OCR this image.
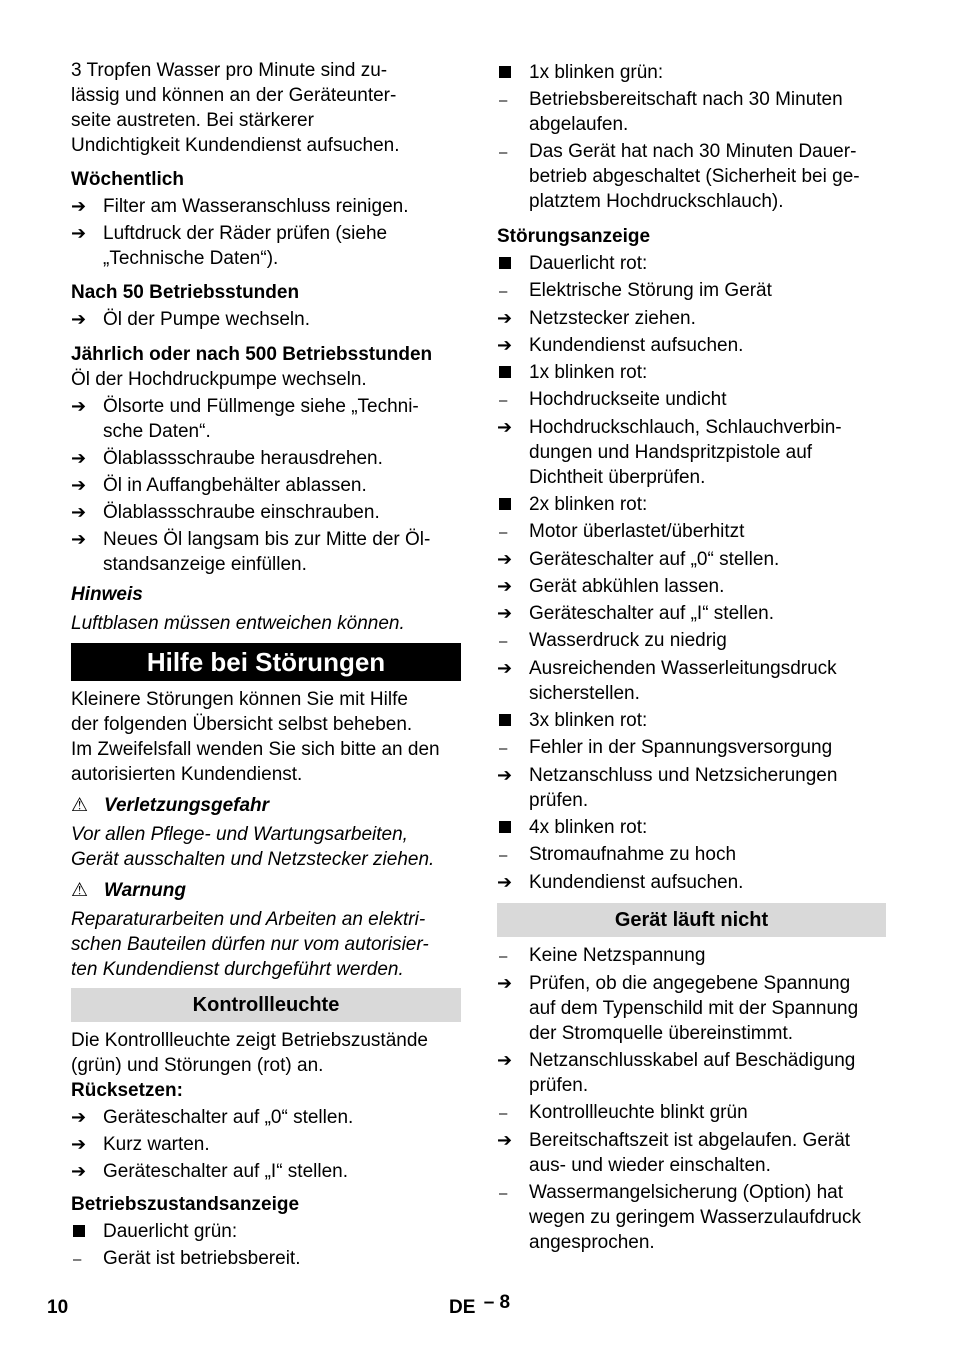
3 Tropfen Wasser pro Minute sind zu-
lässig und können an der Geräteunter-
seite austreten. Bei stärkerer
Undichtigkeit Kundendienst aufsuchen.
Wöchentlich
➔
Filter am Wasseranschluss reinigen.
➔
Luftdruck der Räder prüfen (siehe
„Technische Daten“).
Nach 50 Betriebsstunden
➔
Öl der Pumpe wechseln.
Jährlich oder nach 500 Betriebsstunden
Öl der Hochdruckpumpe wechseln.
➔
Ölsorte und Füllmenge siehe „Techni-
sche Daten“.
➔
Ölablassschraube herausdrehen.
➔
Öl in Auffangbehälter ablassen.
➔
Ölablassschraube einschrauben.
➔
Neues Öl langsam bis zur Mitte der Öl-
standsanzeige einfüllen.
Hinweis
Luftblasen müssen entweichen können.
Hilfe bei Störungen
Kleinere Störungen können Sie mit Hilfe
der folgenden Übersicht selbst beheben.
Im Zweifelsfall wenden Sie sich bitte an den
autorisierten Kundendienst.
⚠ Verletzungsgefahr
Vor allen Pflege- und Wartungsarbeiten,
Gerät ausschalten und Netzstecker ziehen.
⚠ Warnung
Reparaturarbeiten und Arbeiten an elektri-
schen Bauteilen dürfen nur vom autorisier-
ten Kundendienst durchgeführt werden.
Kontrollleuchte
Die Kontrollleuchte zeigt Betriebszustände
(grün) und Störungen (rot) an.
Rücksetzen:
➔
Geräteschalter auf „0“ stellen.
➔
Kurz warten.
➔
Geräteschalter auf „I“ stellen.
Betriebszustandsanzeige
Dauerlicht grün:
–
Gerät ist betriebsbereit.
1x blinken grün:
–
Betriebsbereitschaft nach 30 Minuten
abgelaufen.
–
Das Gerät hat nach 30 Minuten Dauer-
betrieb abgeschaltet (Sicherheit bei ge-
platztem Hochdruckschlauch).
Störungsanzeige
Dauerlicht rot:
–
Elektrische Störung im Gerät
➔
Netzstecker ziehen.
➔
Kundendienst aufsuchen.
1x blinken rot:
–
Hochdruckseite undicht
➔
Hochdruckschlauch, Schlauchverbin-
dungen und Handspritzpistole auf
Dichtheit überprüfen.
2x blinken rot:
–
Motor überlastet/überhitzt
➔
Geräteschalter auf „0“ stellen.
➔
Gerät abkühlen lassen.
➔
Geräteschalter auf „I“ stellen.
–
Wasserdruck zu niedrig
➔
Ausreichenden Wasserleitungsdruck
sicherstellen.
3x blinken rot:
–
Fehler in der Spannungsversorgung
➔
Netzanschluss und Netzsicherungen
prüfen.
4x blinken rot:
–
Stromaufnahme zu hoch
➔
Kundendienst aufsuchen.
Gerät läuft nicht
–
Keine Netzspannung
➔
Prüfen, ob die angegebene Spannung
auf dem Typenschild mit der Spannung
der Stromquelle übereinstimmt.
➔
Netzanschlusskabel auf Beschädigung
prüfen.
–
Kontrollleuchte blinkt grün
➔
Bereitschaftszeit ist abgelaufen. Gerät
aus- und wieder einschalten.
–
Wassermangelsicherung (Option) hat
wegen zu geringem Wasserzulaufdruck
angesprochen.
10	DE – 8
